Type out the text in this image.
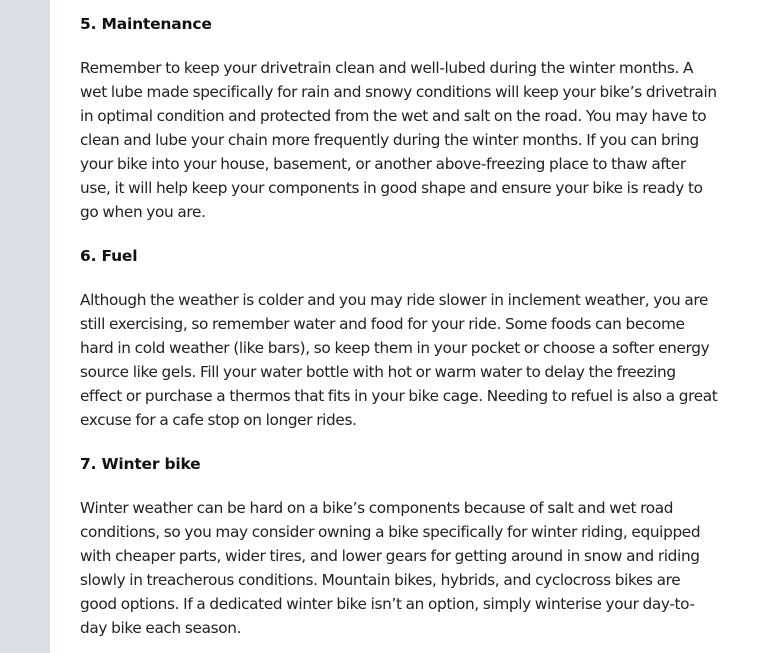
5. Maintenance

Remember to keep your drivetrain clean and well-lubed during the winter months. A wet lube made specifically for rain and snowy conditions will keep your bike’s drivetrain in optimal condition and protected from the wet and salt on the road. You may have to clean and lube your chain more frequently during the winter months. If you can bring your bike into your house, basement, or another above-freezing place to thaw after use, it will help keep your components in good shape and ensure your bike is ready to go when you are.

6. Fuel

Although the weather is colder and you may ride slower in inclement weather, you are still exercising, so remember water and food for your ride. Some foods can become hard in cold weather (like bars), so keep them in your pocket or choose a softer energy source like gels. Fill your water bottle with hot or warm water to delay the freezing effect or purchase a thermos that fits in your bike cage. Needing to refuel is also a great excuse for a cafe stop on longer rides.

7. Winter bike

Winter weather can be hard on a bike’s components because of salt and wet road conditions, so you may consider owning a bike specifically for winter riding, equipped with cheaper parts, wider tires, and lower gears for getting around in snow and riding slowly in treacherous conditions. Mountain bikes, hybrids, and cyclocross bikes are good options. If a dedicated winter bike isn’t an option, simply winterise your day-to-day bike each season.
